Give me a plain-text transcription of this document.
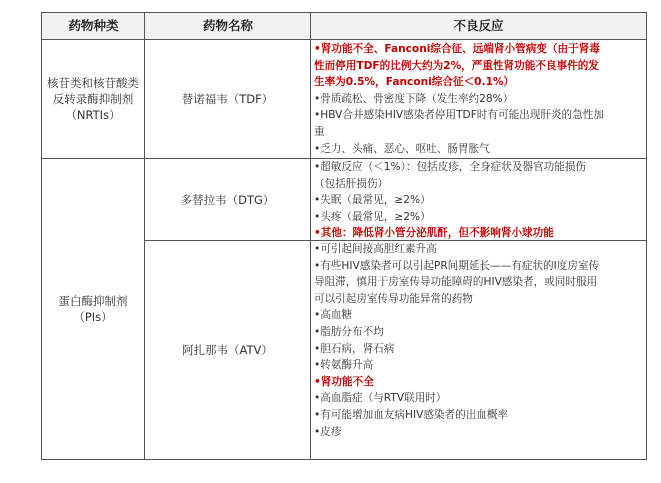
药物种类	药物名称	不良反应
核苷类和核苷酸类
反转录酶抑制剂
（NRTIs）
蛋白酶抑制剂
（PIs）
替诺福韦（TDF）
多替拉韦（DTG）
阿扎那韦（ATV）
•肾功能不全、Fanconi综合征、远端肾小管病变（由于肾毒
性而停用TDF的比例大约为2%，严重性肾功能不良事件的发
生率为0.5%，Fanconi综合征＜0.1%）
•骨质疏松、骨密度下降（发生率约28%）
•HBV合并感染HIV感染者停用TDF时有可能出现肝炎的急性加
重
•乏力、头痛、恶心、呕吐、肠胃胀气
•超敏反应（＜1%）：包括皮疹，全身症状及器官功能损伤
（包括肝损伤）
•失眠（最常见，≥2%）
•头疼（最常见，≥2%）
•其他：降低肾小管分泌肌酐，但不影响肾小球功能
•可引起间接高胆红素升高
•有些HIV感染者可以引起PR间期延长——有症状的I度房室传
导阻滞，慎用于房室传导功能障碍的HIV感染者，或同时服用
可以引起房室传导功能异常的药物
•高血糖
•脂肪分布不均
•胆石病，肾石病
•转氨酶升高
•肾功能不全
•高血脂症（与RTV联用时）
•有可能增加血友病HIV感染者的出血概率
•皮疹
